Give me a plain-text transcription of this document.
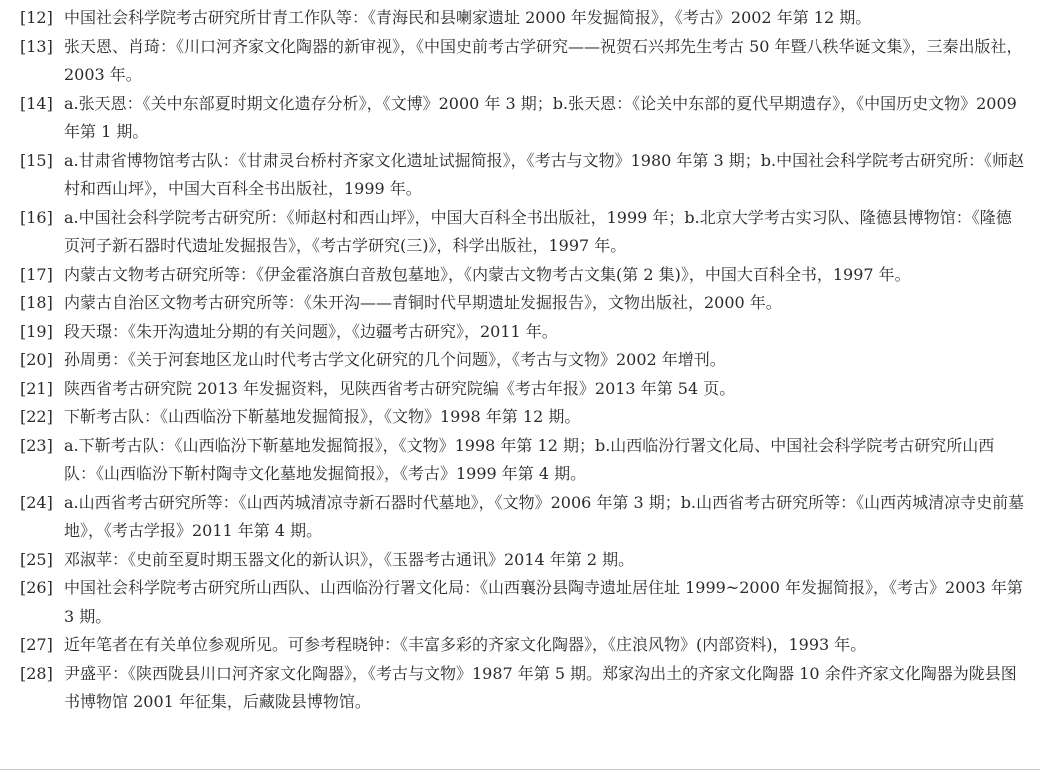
[12] 中国社会科学院考古研究所甘青工作队等：《青海民和县喇家遗址 2000 年发掘简报》，《考古》2002 年第 12 期。

[13] 张天恩、肖琦：《川口河齐家文化陶器的新审视》，《中国史前考古学研究——祝贺石兴邦先生考古 50 年暨八秩华诞文集》，三秦出版社，2003 年。

[14] a.张天恩：《关中东部夏时期文化遗存分析》，《文博》2000 年 3 期；b.张天恩：《论关中东部的夏代早期遗存》，《中国历史文物》2009 年第 1 期。

[15] a.甘肃省博物馆考古队：《甘肃灵台桥村齐家文化遗址试掘简报》，《考古与文物》1980 年第 3 期；b.中国社会科学院考古研究所：《师赵村和西山坪》，中国大百科全书出版社，1999 年。

[16] a.中国社会科学院考古研究所：《师赵村和西山坪》，中国大百科全书出版社，1999 年；b.北京大学考古实习队、隆德县博物馆：《隆德页河子新石器时代遗址发掘报告》，《考古学研究(三)》，科学出版社，1997 年。

[17] 内蒙古文物考古研究所等：《伊金霍洛旗白音敖包墓地》，《内蒙古文物考古文集(第 2 集)》，中国大百科全书，1997 年。

[18] 内蒙古自治区文物考古研究所等：《朱开沟——青铜时代早期遗址发掘报告》，文物出版社，2000 年。

[19] 段天璟：《朱开沟遗址分期的有关问题》，《边疆考古研究》，2011 年。

[20] 孙周勇：《关于河套地区龙山时代考古学文化研究的几个问题》，《考古与文物》2002 年增刊。

[21] 陕西省考古研究院 2013 年发掘资料，见陕西省考古研究院编《考古年报》2013 年第 54 页。

[22] 下靳考古队：《山西临汾下靳墓地发掘简报》，《文物》1998 年第 12 期。

[23] a.下靳考古队：《山西临汾下靳墓地发掘简报》，《文物》1998 年第 12 期；b.山西临汾行署文化局、中国社会科学院考古研究所山西队：《山西临汾下靳村陶寺文化墓地发掘简报》，《考古》1999 年第 4 期。

[24] a.山西省考古研究所等：《山西芮城清凉寺新石器时代墓地》，《文物》2006 年第 3 期；b.山西省考古研究所等：《山西芮城清凉寺史前墓地》，《考古学报》2011 年第 4 期。

[25] 邓淑苹：《史前至夏时期玉器文化的新认识》，《玉器考古通讯》2014 年第 2 期。

[26] 中国社会科学院考古研究所山西队、山西临汾行署文化局：《山西襄汾县陶寺遗址居住址 1999~2000 年发掘简报》，《考古》2003 年第 3 期。

[27] 近年笔者在有关单位参观所见。可参考程晓钟：《丰富多彩的齐家文化陶器》，《庄浪风物》(内部资料)，1993 年。

[28] 尹盛平：《陕西陇县川口河齐家文化陶器》，《考古与文物》1987 年第 5 期。郑家沟出土的齐家文化陶器 10 余件齐家文化陶器为陇县图书博物馆 2001 年征集，后藏陇县博物馆。
